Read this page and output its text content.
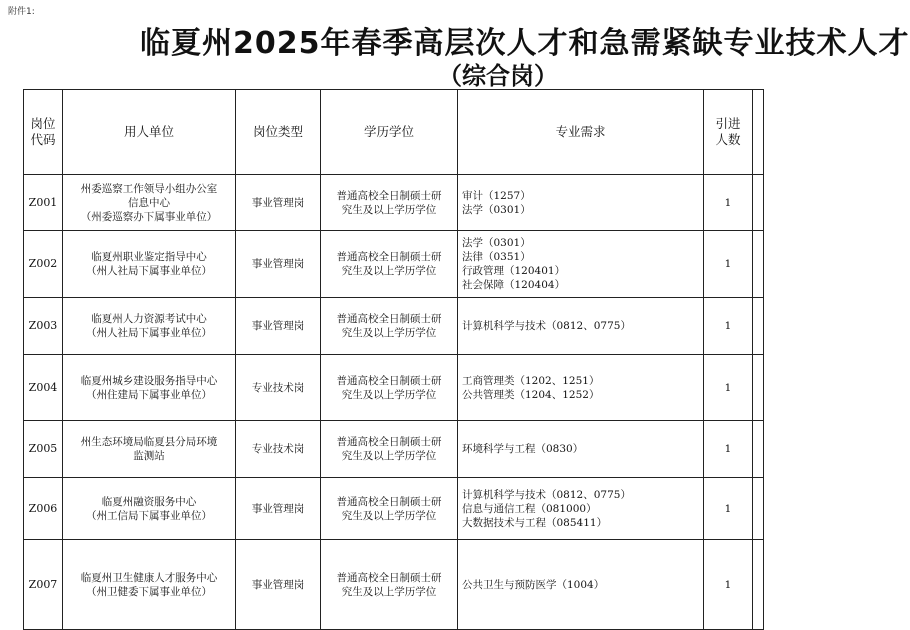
附件1:
临夏州2025年春季高层次人才和急需紧缺专业技术人才
（综合岗）
岗位
代码	用人单位	岗位类型	学历学位	专业需求	引进
人数	

Z001	州委巡察工作领导小组办公室
信息中心
（州委巡察办下属事业单位）	事业管理岗	普通高校全日制硕士研
究生及以上学历学位	审计（1257）
法学（0301）	1	
Z002	临夏州职业鉴定指导中心
（州人社局下属事业单位）	事业管理岗	普通高校全日制硕士研
究生及以上学历学位	法学（0301）
法律（0351）
行政管理（120401）
社会保障（120404）	1	
Z003	临夏州人力资源考试中心
（州人社局下属事业单位）	事业管理岗	普通高校全日制硕士研
究生及以上学历学位	计算机科学与技术（0812、0775）	1	
Z004	临夏州城乡建设服务指导中心
（州住建局下属事业单位）	专业技术岗	普通高校全日制硕士研
究生及以上学历学位	工商管理类（1202、1251）
公共管理类（1204、1252）	1	
Z005	州生态环境局临夏县分局环境
监测站	专业技术岗	普通高校全日制硕士研
究生及以上学历学位	环境科学与工程（0830）	1	
Z006	临夏州融资服务中心
（州工信局下属事业单位）	事业管理岗	普通高校全日制硕士研
究生及以上学历学位	计算机科学与技术（0812、0775）
信息与通信工程（081000）
大数据技术与工程（085411）	1	
Z007	临夏州卫生健康人才服务中心
（州卫健委下属事业单位）	事业管理岗	普通高校全日制硕士研
究生及以上学历学位	公共卫生与预防医学（1004）	1	
